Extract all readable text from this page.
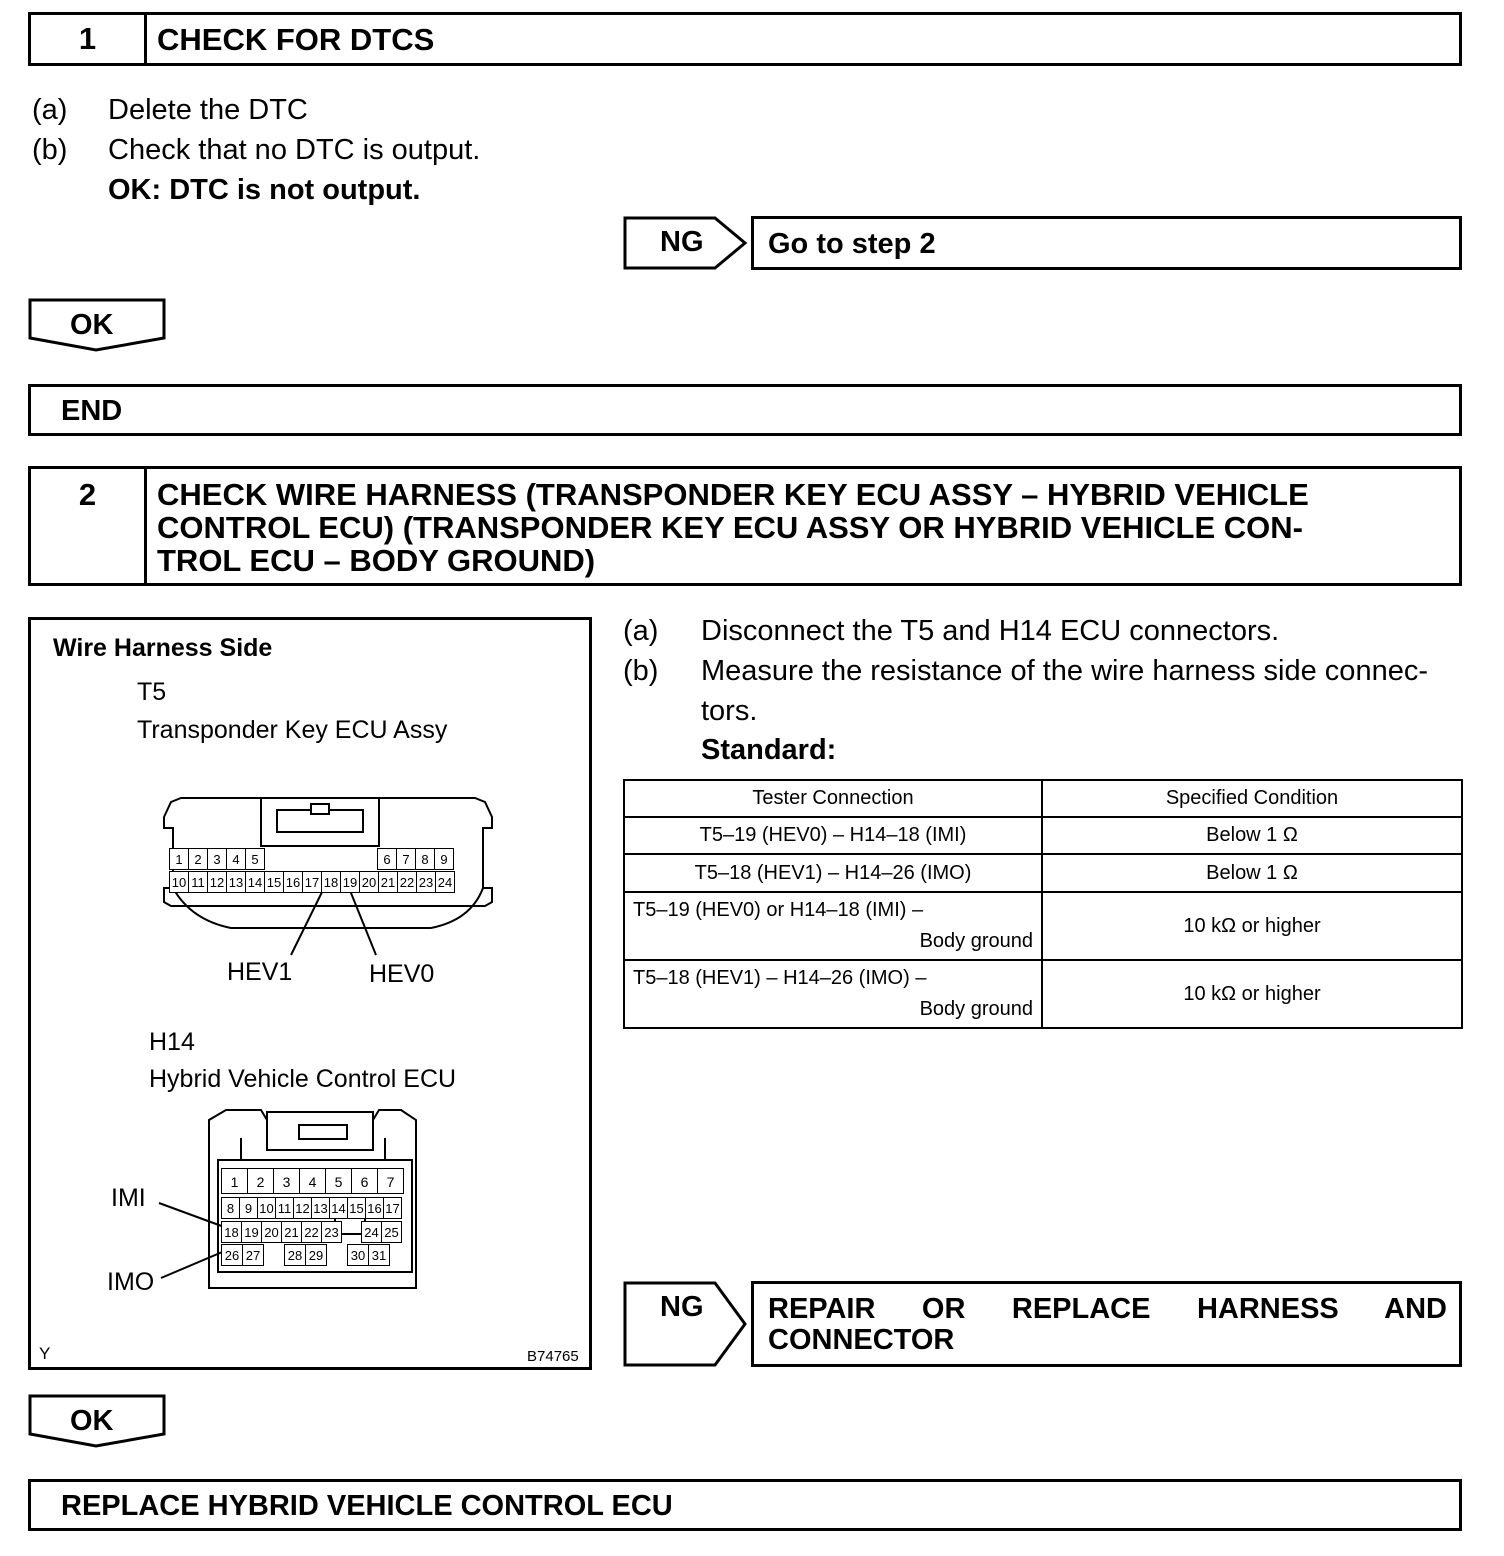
1	CHECK FOR DTCS
(a) Delete the DTC
(b) Check that no DTC is output.
OK: DTC is not output.
NG Go to step 2
OK
END
2	CHECK WIRE HARNESS (TRANSPONDER KEY ECU ASSY – HYBRID VEHICLE
CONTROL ECU) (TRANSPONDER KEY ECU ASSY OR HYBRID VEHICLE CON-
TROL ECU – BODY GROUND)
Wire Harness Side
T5
Transponder Key ECU Assy
1 2 3 4 5	6 7 8 9
10 11 12 13 14 15 16 17 18 19 20 21 22 23 24
HEV1	HEV0
H14
Hybrid Vehicle Control ECU
1	2	3	4	5	6	7
8 9 10 11 12 13 14 15 16 17
18 19 20 21 22 23 24 25
26 27 28 29 30 31
IMI
IMO
Y	B74765
(a) Disconnect the T5 and H14 ECU connectors.
(b) Measure the resistance of the wire harness side connec-
tors.
Standard:
Tester Connection	Specified Condition
T5–19 (HEV0) – H14–18 (IMI)	Below 1 Ω
T5–18 (HEV1) – H14–26 (IMO)	Below 1 Ω

T5–19 (HEV0) or H14–18 (IMI) –
Body ground	10 kΩ or higher

T5–18 (HEV1) – H14–26 (IMO) –
Body ground	10 kΩ or higher
NG REPAIR OR REPLACE HARNESS AND
CONNECTOR
OK
REPLACE HYBRID VEHICLE CONTROL ECU
